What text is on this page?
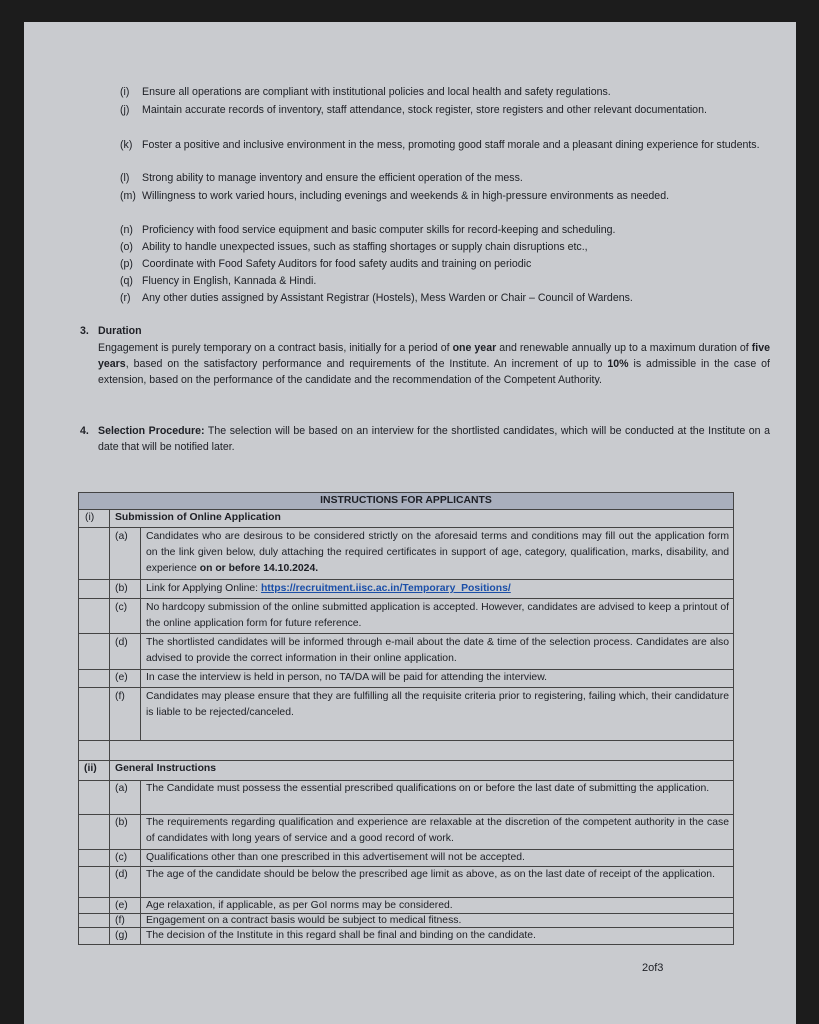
(i)	Ensure all operations are compliant with institutional policies and local health and safety regulations.
(j)	Maintain accurate records of inventory, staff attendance, stock register, store registers and other relevant documentation.
(k) Foster a positive and inclusive environment in the mess, promoting good staff morale and a pleasant dining experience for students.
(l)	Strong ability to manage inventory and ensure the efficient operation of the mess.
(m) Willingness to work varied hours, including evenings and weekends & in high-pressure environments as needed.
(n) Proficiency with food service equipment and basic computer skills for record-keeping and scheduling.
(o) Ability to handle unexpected issues, such as staffing shortages or supply chain disruptions etc.,
(p) Coordinate with Food Safety Auditors for food safety audits and training on periodic
(q) Fluency in English, Kannada & Hindi.
(r)	Any other duties assigned by Assistant Registrar (Hostels), Mess Warden or Chair – Council of Wardens.
3. Duration
Engagement is purely temporary on a contract basis, initially for a period of one year and renewable annually up to a maximum duration of five years, based on the satisfactory performance and requirements of the Institute. An increment of up to 10% is admissible in the case of extension, based on the performance of the candidate and the recommendation of the Competent Authority.
4. Selection Procedure: The selection will be based on an interview for the shortlisted candidates, which will be conducted at the Institute on a date that will be notified later.
INSTRUCTIONS FOR APPLICANTS
(i) Submission of Online Application
(a) Candidates who are desirous to be considered strictly on the aforesaid terms and conditions may fill out the application form on the link given below, duly attaching the required certificates in support of age, category, qualification, marks, disability, and experience on or before 14.10.2024.
(b) Link for Applying Online: https://recruitment.iisc.ac.in/Temporary_Positions/
(c) No hardcopy submission of the online submitted application is accepted. However, candidates are advised to keep a printout of the online application form for future reference.
(d) The shortlisted candidates will be informed through e-mail about the date & time of the selection process. Candidates are also advised to provide the correct information in their online application.
(e) In case the interview is held in person, no TA/DA will be paid for attending the interview.
(f) Candidates may please ensure that they are fulfilling all the requisite criteria prior to registering, failing which, their candidature is liable to be rejected/canceled.
(ii) General Instructions
(a) The Candidate must possess the essential prescribed qualifications on or before the last date of submitting the application.
(b) The requirements regarding qualification and experience are relaxable at the discretion of the competent authority in the case of candidates with long years of service and a good record of work.
(c) Qualifications other than one prescribed in this advertisement will not be accepted.
(d) The age of the candidate should be below the prescribed age limit as above, as on the last date of receipt of the application.
(e) Age relaxation, if applicable, as per GoI norms may be considered.
(f) Engagement on a contract basis would be subject to medical fitness.
(g) The decision of the Institute in this regard shall be final and binding on the candidate.
2of3
